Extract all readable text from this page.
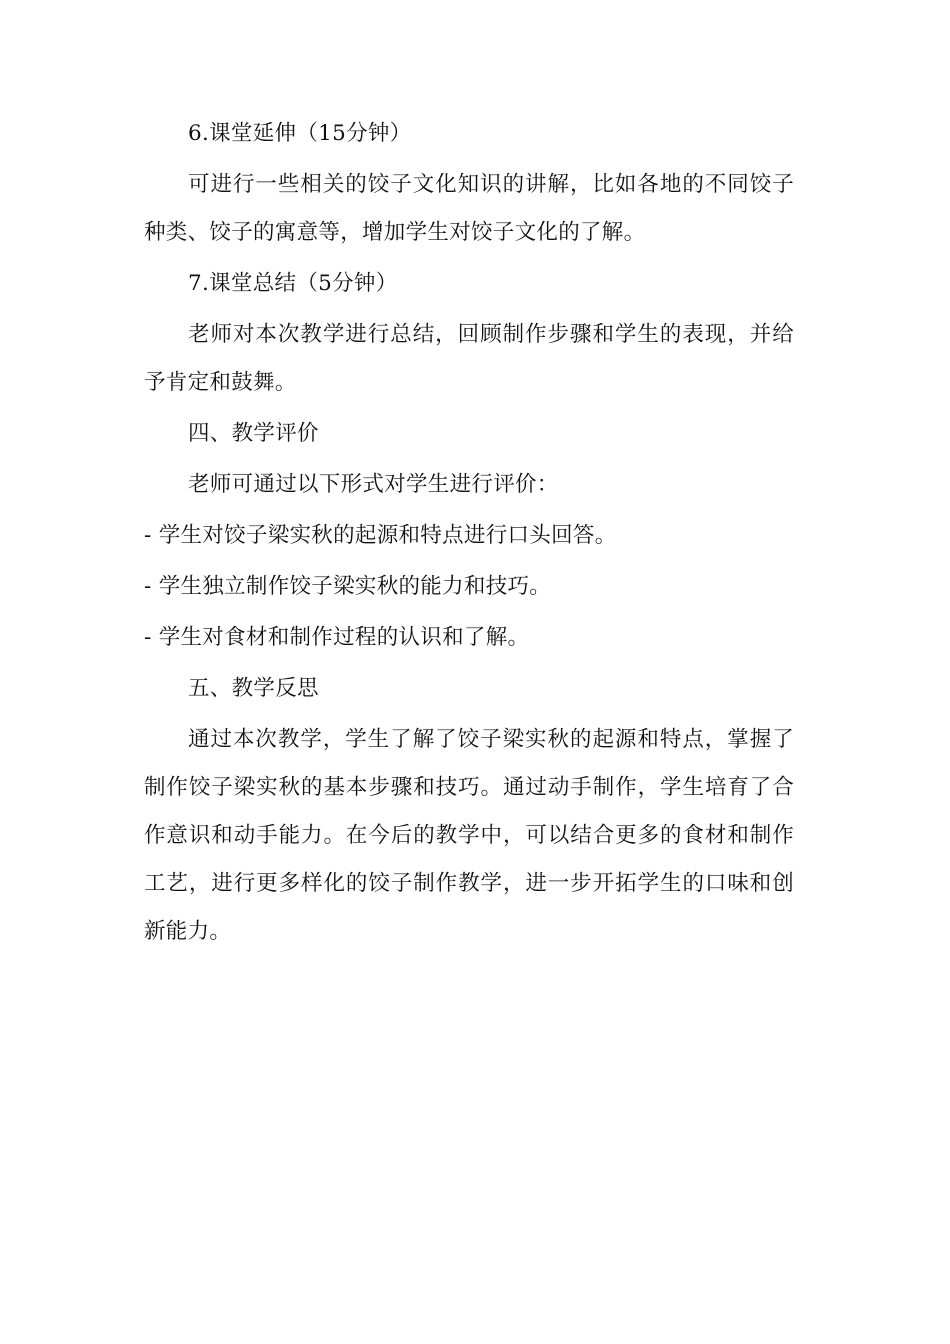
6.课堂延伸（15分钟）

可进行一些相关的饺子文化知识的讲解，比如各地的不同饺子种类、饺子的寓意等，增加学生对饺子文化的了解。

7.课堂总结（5分钟）

老师对本次教学进行总结，回顾制作步骤和学生的表现，并给予肯定和鼓舞。

四、教学评价

老师可通过以下形式对学生进行评价：

- 学生对饺子梁实秋的起源和特点进行口头回答。

- 学生独立制作饺子梁实秋的能力和技巧。

- 学生对食材和制作过程的认识和了解。

五、教学反思

通过本次教学，学生了解了饺子梁实秋的起源和特点，掌握了制作饺子梁实秋的基本步骤和技巧。通过动手制作，学生培育了合作意识和动手能力。在今后的教学中，可以结合更多的食材和制作工艺，进行更多样化的饺子制作教学，进一步开拓学生的口味和创新能力。
